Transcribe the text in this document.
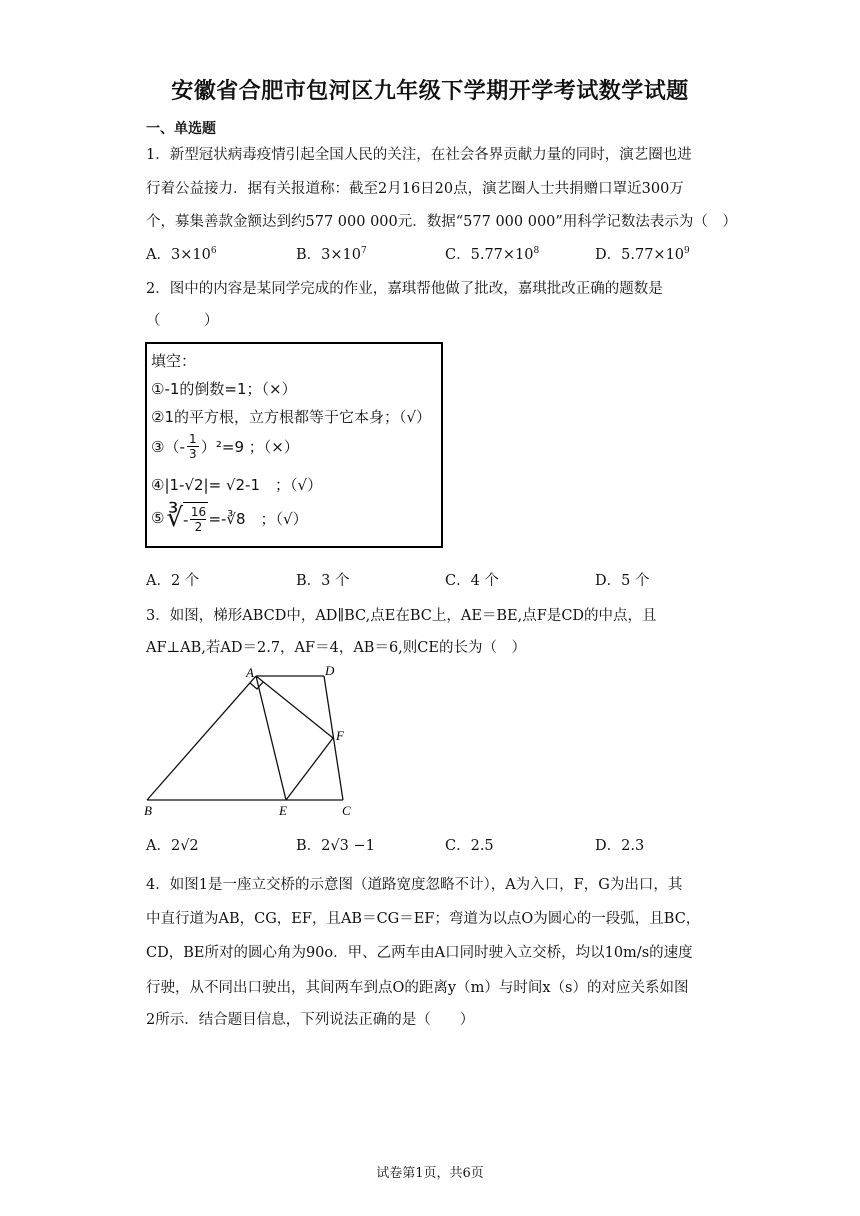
安徽省合肥市包河区九年级下学期开学考试数学试题
一、单选题
1．新型冠状病毒疫情引起全国人民的关注，在社会各界贡献力量的同时，演艺圈也进
行着公益接力．据有关报道称：截至2月16日20点，演艺圈人士共捐赠口罩近300万
个，募集善款金额达到约577 000 000元．数据“577 000 000”用科学记数法表示为（　）
A．$3\times 10^6$	B．$3\times 10^7$	C．$5.77\times 10^8$	D．$5.77\times 10^9$
2．图中的内容是某同学完成的作业，嘉琪帮他做了批改，嘉琪批改正确的题数是
（　　　）
填空：
①-1的倒数=1；（×）
②1的平方根，立方根都等于它本身；（√）
③（- 1
3 ）²=9 ；（×）
④|1-√2|= √2-1　；（√）
⑤ ∛ - 16
2 =-∛8　；（√）
A．2 个	B．3 个	C．4 个	D．5 个
3．如图，梯形ABCD中，AD∥BC,点E在BC上，AE＝BE,点F是CD的中点，且
AF⊥AB,若AD＝2.7，AF＝4，AB＝6,则CE的长为（　）
A	D
F
B	E	C
A．2√2	B．2√3 −1	C．2.5	D．2.3
4．如图1是一座立交桥的示意图（道路宽度忽略不计），A为入口，F，G为出口，其
中直行道为AB，CG，EF，且AB＝CG＝EF；弯道为以点O为圆心的一段弧，且BC，
CD，BE所对的圆心角为90o．甲、乙两车由A口同时驶入立交桥，均以10m/s的速度
行驶，从不同出口驶出，其间两车到点O的距离y（m）与时间x（s）的对应关系如图
2所示．结合题目信息，下列说法正确的是（　　）
试卷第1页，共6页
